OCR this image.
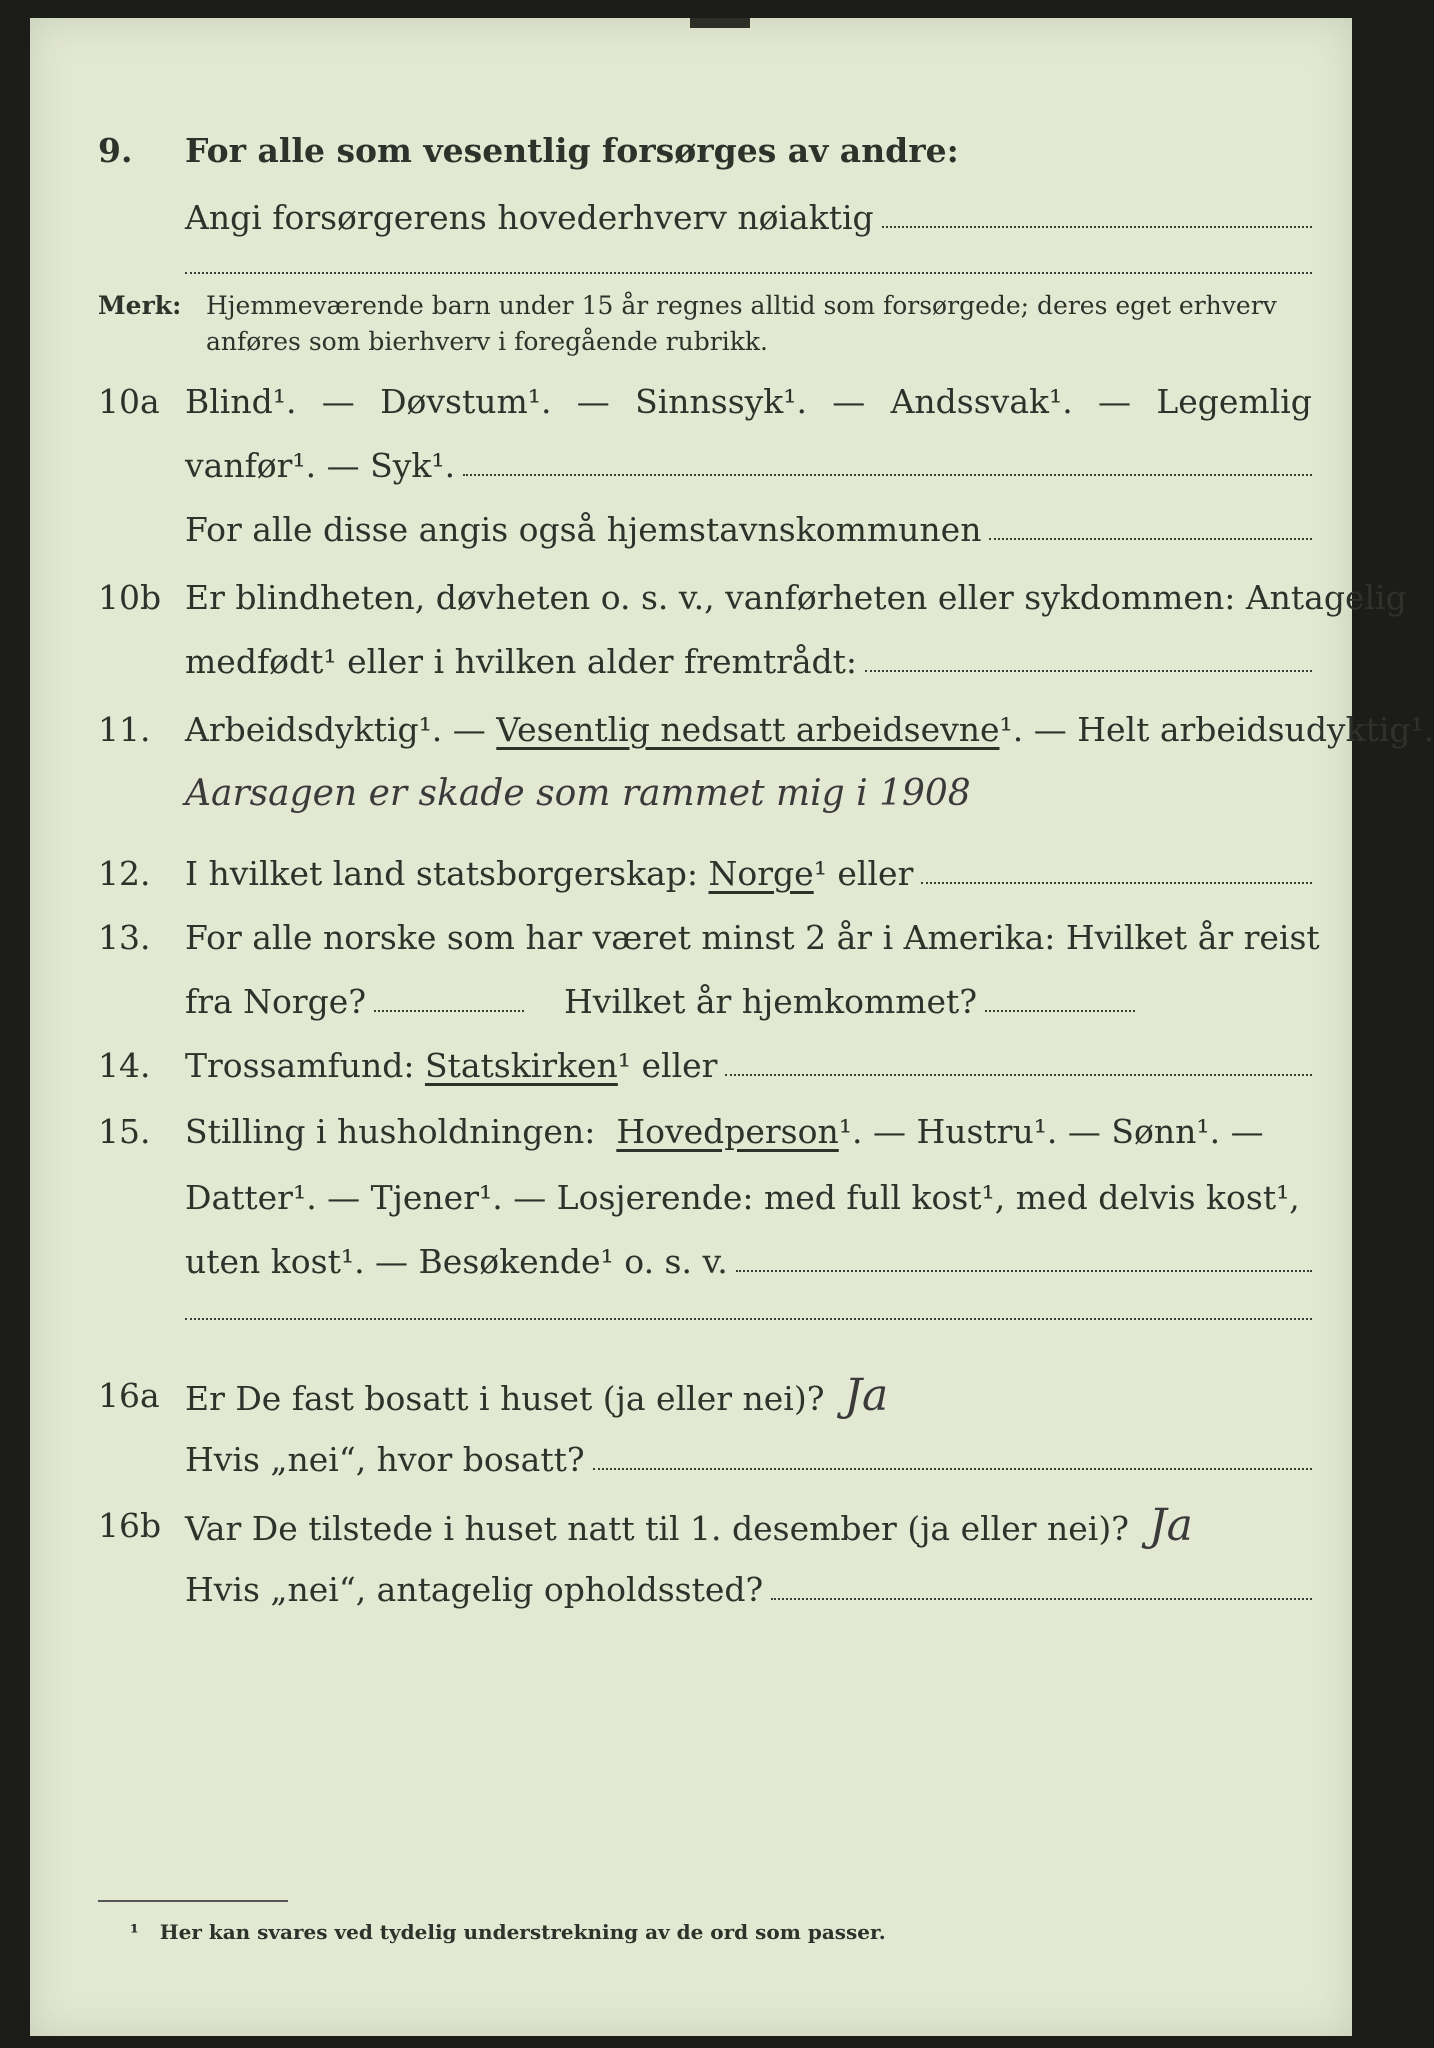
9. For alle som vesentlig forsørges av andre:
Angi forsørgerens hovederhverv nøiaktig
Merk: Hjemmeværende barn under 15 år regnes alltid som forsørgede; deres eget erhverv
anføres som bierhverv i foregående rubrikk.
10a Blind¹. — Døvstum¹. — Sinnssyk¹. — Andssvak¹. — Legemlig
vanfør¹. — Syk¹.
For alle disse angis også hjemstavnskommunen
10b Er blindheten, døvheten o. s. v., vanførheten eller sykdommen: Antagelig
medfødt¹ eller i hvilken alder fremtrådt:
11. Arbeidsdyktig¹. —
Vesentlig nedsatt arbeidsevne ¹. — Helt arbeidsudyktig¹.
Aarsagen er skade som rammet mig i 1908
12. I hvilket land statsborgerskap:
Norge ¹ eller
13. For alle norske som har været minst 2 år i Amerika: Hvilket år reist
fra Norge?	Hvilket år hjemkommet?
14. Trossamfund:
Statskirken ¹ eller
15. Stilling i husholdningen:
Hovedperson ¹. — Hustru¹. — Sønn¹. —
Datter¹. — Tjener¹. — Losjerende: med full kost¹, med delvis kost¹,
uten kost¹. — Besøkende¹ o. s. v.
16a Er De fast bosatt i huset (ja eller nei)? Ja
Hvis „nei“, hvor bosatt?
16b Var De tilstede i huset natt til 1. desember (ja eller nei)? Ja
Hvis „nei“, antagelig opholdssted?
¹ Her kan svares ved tydelig understrekning av de ord som passer.
